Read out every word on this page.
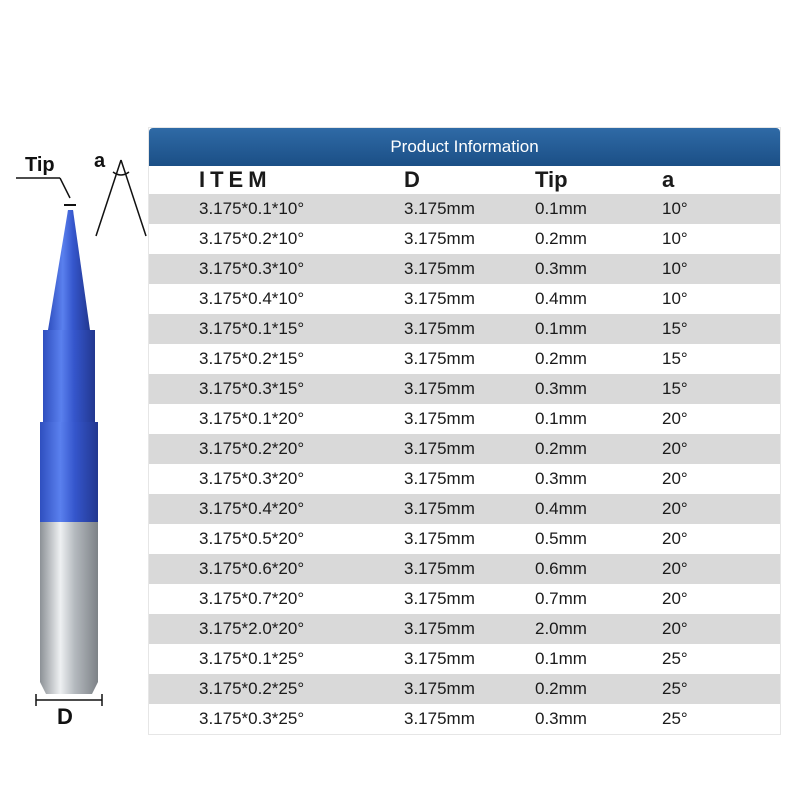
Tip a
D
Product Information
ITEM	D	Tip	a
3.175*0.1*10°	3.175mm	0.1mm	10°
3.175*0.2*10°	3.175mm	0.2mm	10°
3.175*0.3*10°	3.175mm	0.3mm	10°
3.175*0.4*10°	3.175mm	0.4mm	10°
3.175*0.1*15°	3.175mm	0.1mm	15°
3.175*0.2*15°	3.175mm	0.2mm	15°
3.175*0.3*15°	3.175mm	0.3mm	15°
3.175*0.1*20°	3.175mm	0.1mm	20°
3.175*0.2*20°	3.175mm	0.2mm	20°
3.175*0.3*20°	3.175mm	0.3mm	20°
3.175*0.4*20°	3.175mm	0.4mm	20°
3.175*0.5*20°	3.175mm	0.5mm	20°
3.175*0.6*20°	3.175mm	0.6mm	20°
3.175*0.7*20°	3.175mm	0.7mm	20°
3.175*2.0*20°	3.175mm	2.0mm	20°
3.175*0.1*25°	3.175mm	0.1mm	25°
3.175*0.2*25°	3.175mm	0.2mm	25°
3.175*0.3*25°	3.175mm	0.3mm	25°
